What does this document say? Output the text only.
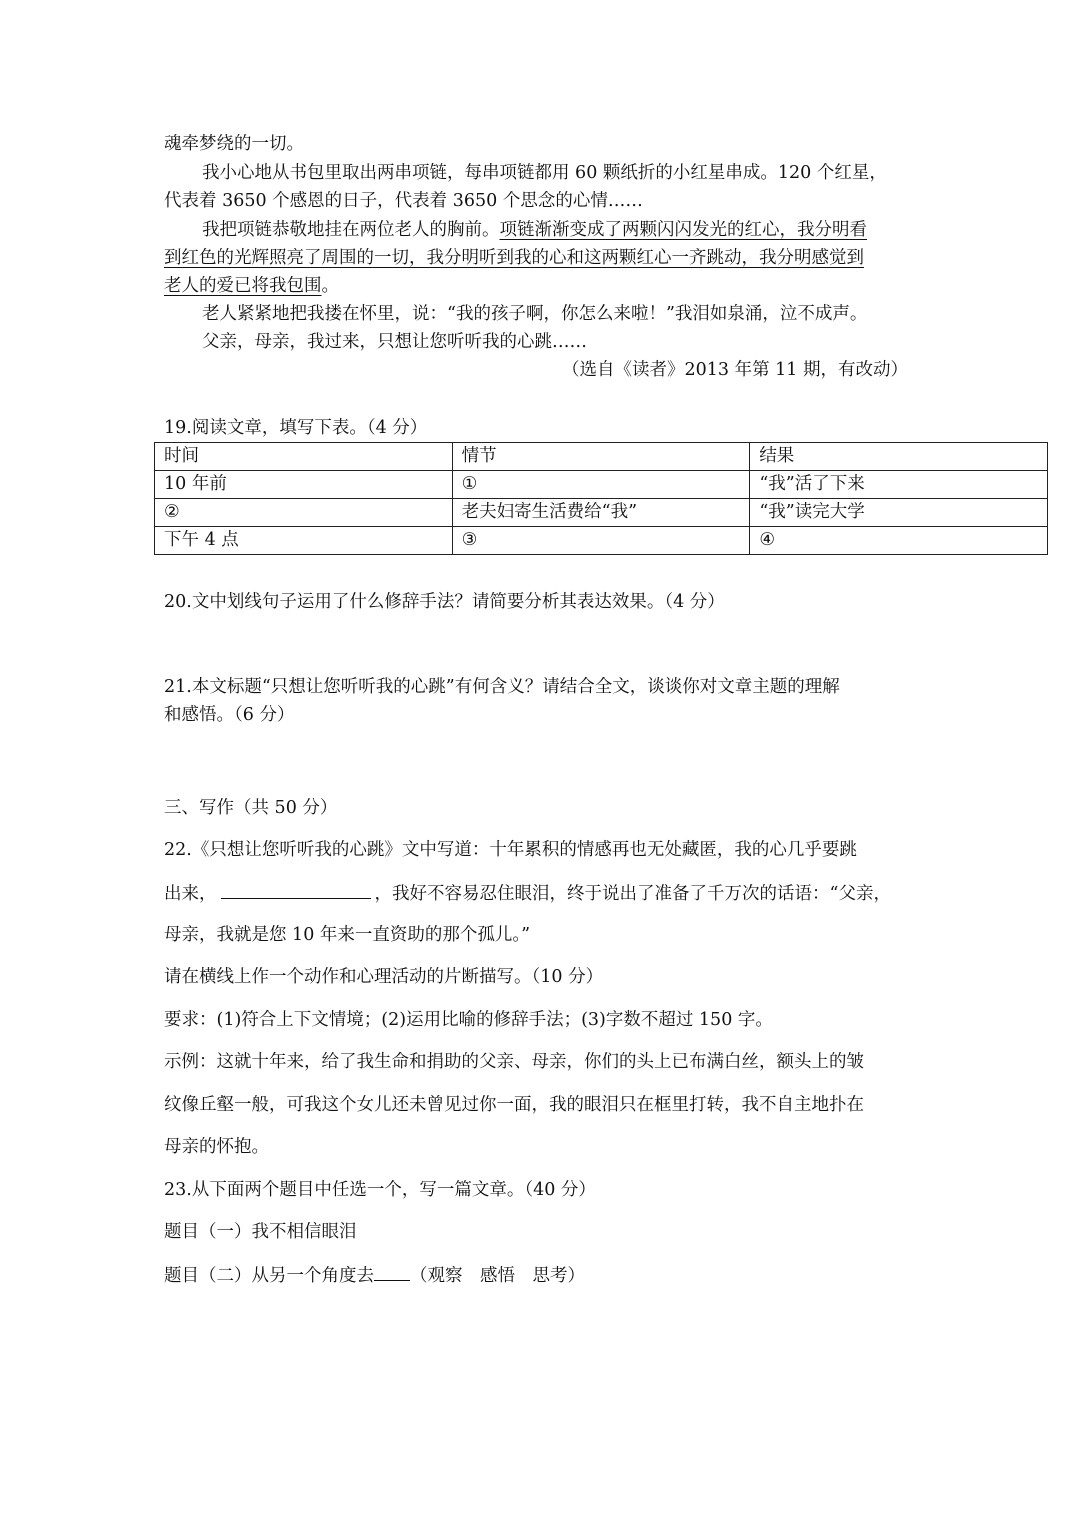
魂牵梦绕的一切。
我小心地从书包里取出两串项链，每串项链都用 60 颗纸折的小红星串成。120 个红星，
代表着 3650 个感恩的日子，代表着 3650 个思念的心情……
我把项链恭敬地挂在两位老人的胸前。项链渐渐变成了两颗闪闪发光的红心，我分明看
到红色的光辉照亮了周围的一切，我分明听到我的心和这两颗红心一齐跳动，我分明感觉到
老人的爱已将我包围。
老人紧紧地把我搂在怀里，说：“我的孩子啊，你怎么来啦！”我泪如泉涌，泣不成声。
父亲，母亲，我过来，只想让您听听我的心跳……
（选自《读者》2013 年第 11 期，有改动）
19.阅读文章，填写下表。（4 分）
时间	情节	结果
10 年前	①	“我”活了下来
②	老夫妇寄生活费给“我”	“我”读完大学
下午 4 点	③	④
20.文中划线句子运用了什么修辞手法？请简要分析其表达效果。（4 分）
21.本文标题“只想让您听听我的心跳”有何含义？请结合全文，谈谈你对文章主题的理解
和感悟。（6 分）
三、写作（共 50 分）
22.《只想让您听听我的心跳》文中写道：十年累积的情感再也无处藏匿，我的心几乎要跳
出来，	，我好不容易忍住眼泪，终于说出了准备了千万次的话语：“父亲，
母亲，我就是您 10 年来一直资助的那个孤儿。”
请在横线上作一个动作和心理活动的片断描写。（10 分）
要求：(1)符合上下文情境；(2)运用比喻的修辞手法；(3)字数不超过 150 字。
示例：这就十年来，给了我生命和捐助的父亲、母亲，你们的头上已布满白丝，额头上的皱
纹像丘壑一般，可我这个女儿还未曾见过你一面，我的眼泪只在框里打转，我不自主地扑在
母亲的怀抱。
23.从下面两个题目中任选一个，写一篇文章。（40 分）
题目（一）我不相信眼泪
题目（二）从另一个角度去 （观察　感悟　思考）
